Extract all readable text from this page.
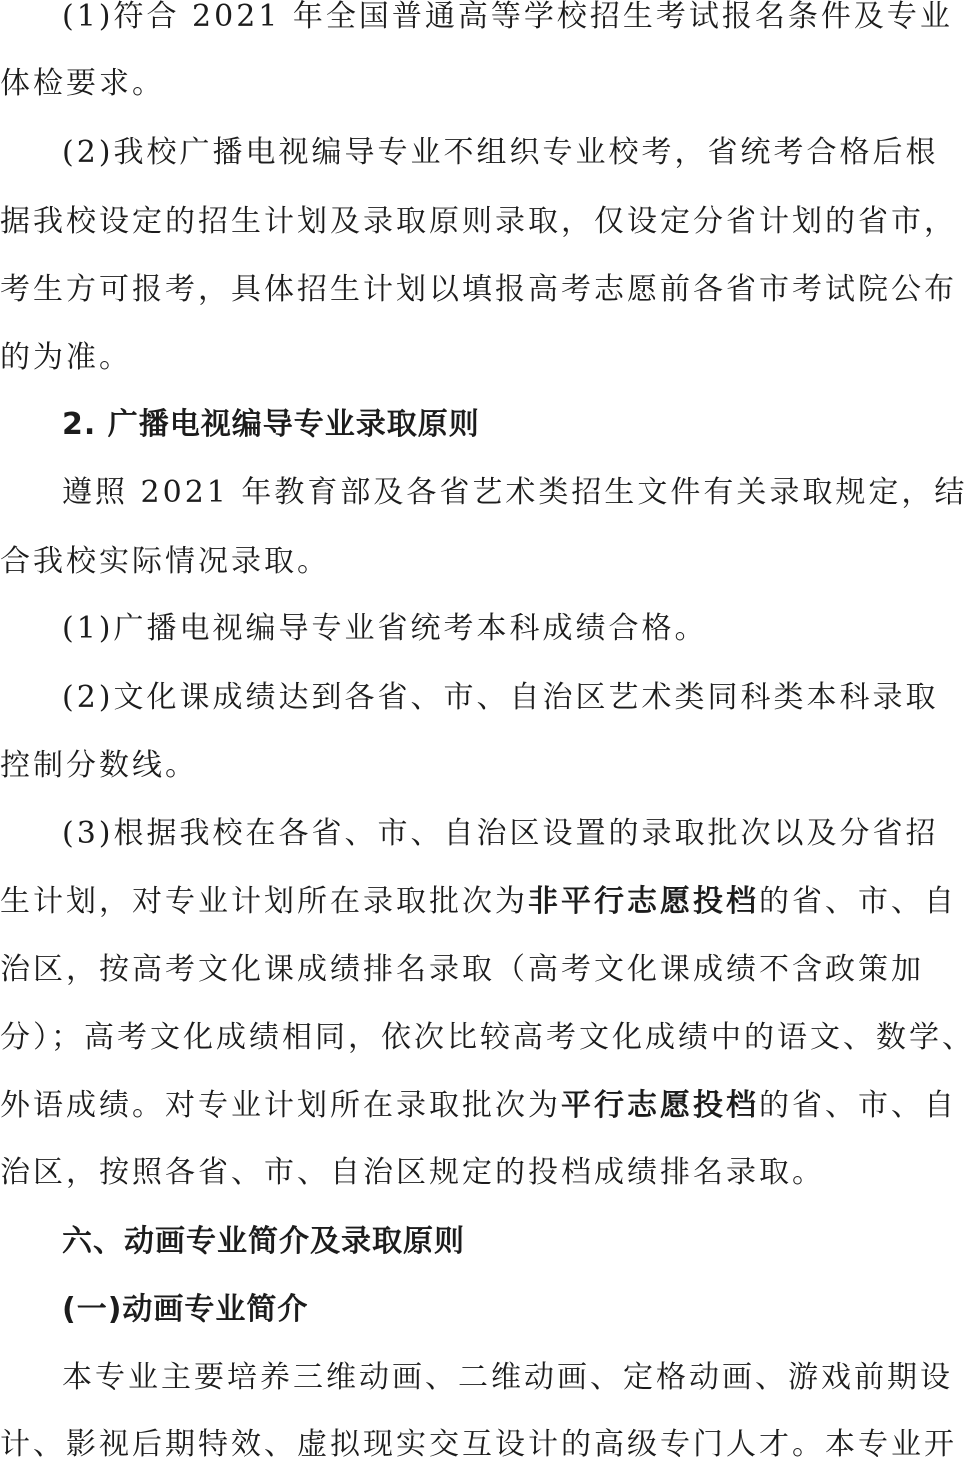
(1)符合 2021 年全国普通高等学校招生考试报名条件及专业
体检要求。
(2)我校广播电视编导专业不组织专业校考，省统考合格后根
据我校设定的招生计划及录取原则录取，仅设定分省计划的省市，
考生方可报考，具体招生计划以填报高考志愿前各省市考试院公布
的为准。
2. 广播电视编导专业录取原则
遵照 2021 年教育部及各省艺术类招生文件有关录取规定，结
合我校实际情况录取。
(1)广播电视编导专业省统考本科成绩合格。
(2)文化课成绩达到各省、市、自治区艺术类同科类本科录取
控制分数线。
(3)根据我校在各省、市、自治区设置的录取批次以及分省招
生计划，对专业计划所在录取批次为非平行志愿投档的省、市、自
治区，按高考文化课成绩排名录取（高考文化课成绩不含政策加
分）；高考文化成绩相同，依次比较高考文化成绩中的语文、数学、
外语成绩。对专业计划所在录取批次为平行志愿投档的省、市、自
治区，按照各省、市、自治区规定的投档成绩排名录取。
六、动画专业简介及录取原则
(一)动画专业简介
本专业主要培养三维动画、二维动画、定格动画、游戏前期设
计、影视后期特效、虚拟现实交互设计的高级专门人才。本专业开
